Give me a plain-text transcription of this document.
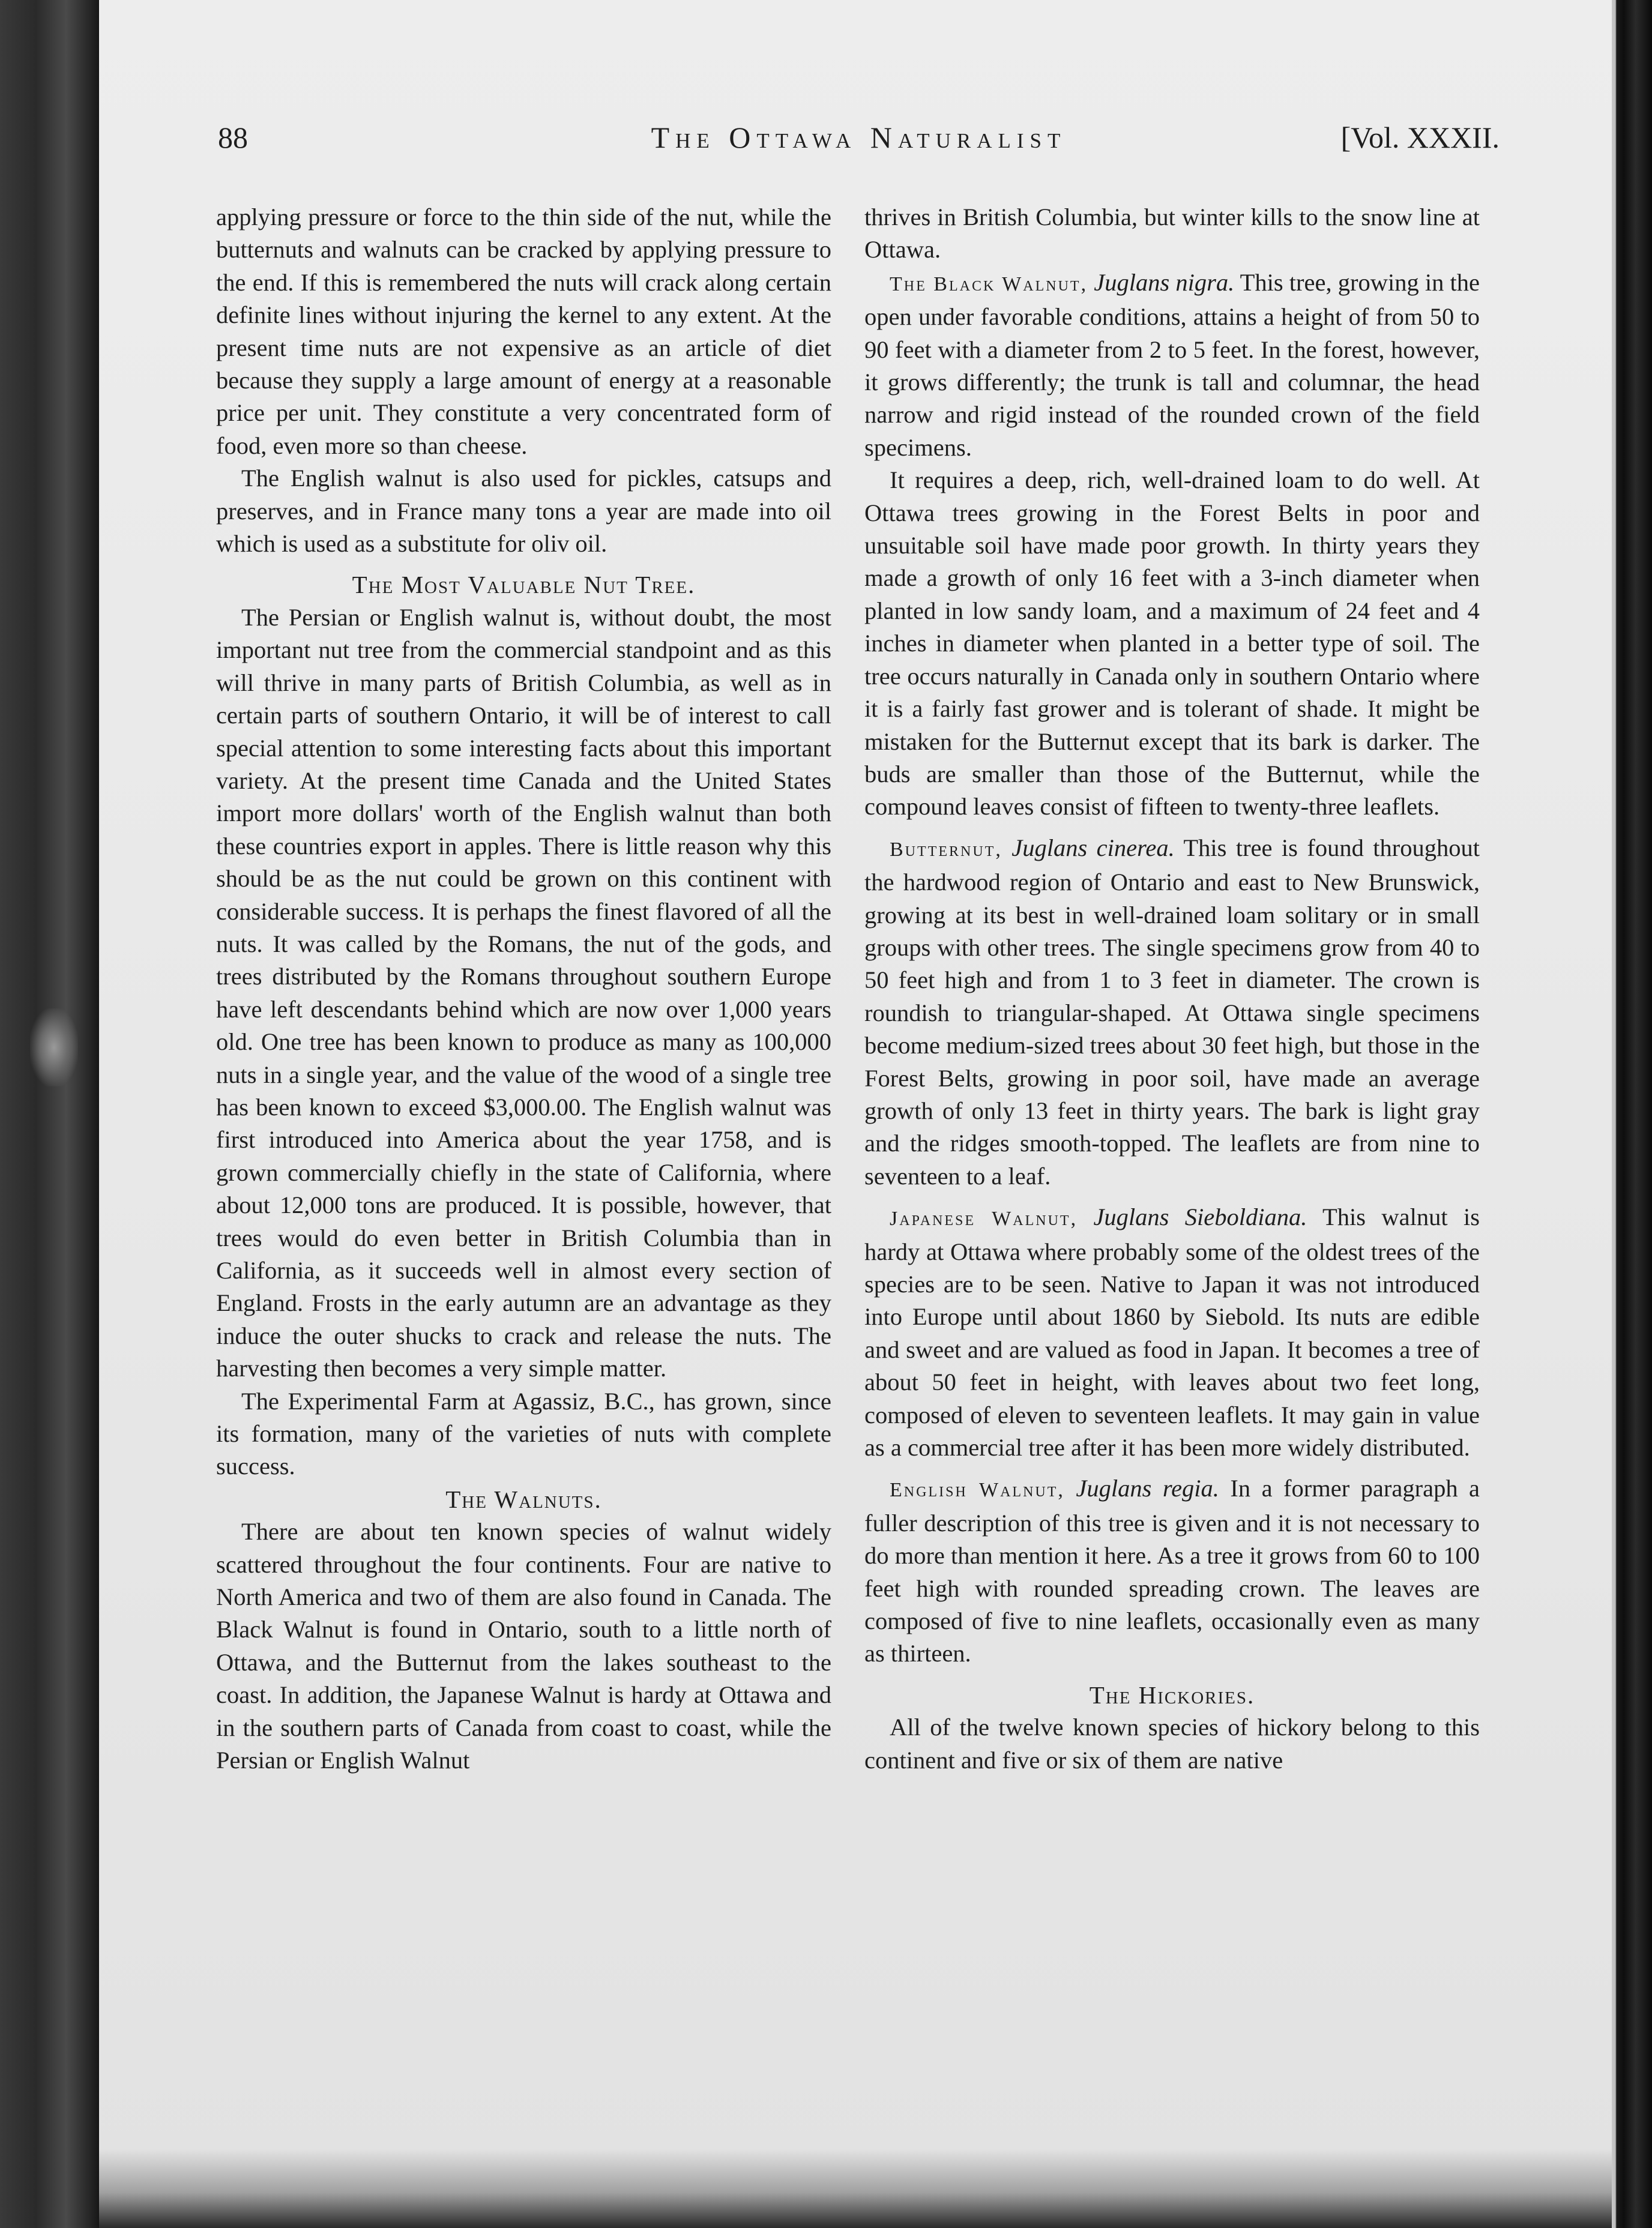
88	The Ottawa Naturalist	[Vol. XXXII.

applying pressure or force to the thin side of the nut, while the butternuts and walnuts can be cracked by applying pressure to the end. If this is remembered the nuts will crack along certain definite lines without injuring the kernel to any extent. At the present time nuts are not expensive as an article of diet because they supply a large amount of energy at a reasonable price per unit. They constitute a very concentrated form of food, even more so than cheese.

The English walnut is also used for pickles, catsups and preserves, and in France many tons a year are made into oil which is used as a substitute for oliv oil.

The Most Valuable Nut Tree.

The Persian or English walnut is, without doubt, the most important nut tree from the commercial standpoint and as this will thrive in many parts of British Columbia, as well as in certain parts of southern Ontario, it will be of interest to call special attention to some interesting facts about this important variety. At the present time Canada and the United States import more dollars' worth of the English walnut than both these countries export in apples. There is little reason why this should be as the nut could be grown on this continent with considerable success. It is perhaps the finest flavored of all the nuts. It was called by the Romans, the nut of the gods, and trees distributed by the Romans throughout southern Europe have left descendants behind which are now over 1,000 years old. One tree has been known to produce as many as 100,000 nuts in a single year, and the value of the wood of a single tree has been known to exceed $3,000.00. The English walnut was first introduced into America about the year 1758, and is grown commercially chiefly in the state of California, where about 12,000 tons are produced. It is possible, however, that trees would do even better in British Columbia than in California, as it succeeds well in almost every section of England. Frosts in the early autumn are an advantage as they induce the outer shucks to crack and release the nuts. The harvesting then becomes a very simple matter.

The Experimental Farm at Agassiz, B.C., has grown, since its formation, many of the varieties of nuts with complete success.

The Walnuts.

There are about ten known species of walnut widely scattered throughout the four continents. Four are native to North America and two of them are also found in Canada. The Black Walnut is found in Ontario, south to a little north of Ottawa, and the Butternut from the lakes southeast to the coast. In addition, the Japanese Walnut is hardy at Ottawa and in the southern parts of Canada from coast to coast, while the Persian or English Walnut

thrives in British Columbia, but winter kills to the snow line at Ottawa.

The Black Walnut, Juglans nigra. This tree, growing in the open under favorable conditions, attains a height of from 50 to 90 feet with a diameter from 2 to 5 feet. In the forest, however, it grows differently; the trunk is tall and columnar, the head narrow and rigid instead of the rounded crown of the field specimens.

It requires a deep, rich, well-drained loam to do well. At Ottawa trees growing in the Forest Belts in poor and unsuitable soil have made poor growth. In thirty years they made a growth of only 16 feet with a 3-inch diameter when planted in low sandy loam, and a maximum of 24 feet and 4 inches in diameter when planted in a better type of soil. The tree occurs naturally in Canada only in southern Ontario where it is a fairly fast grower and is tolerant of shade. It might be mistaken for the Butternut except that its bark is darker. The buds are smaller than those of the Butternut, while the compound leaves consist of fifteen to twenty-three leaflets.

Butternut, Juglans cinerea. This tree is found throughout the hardwood region of Ontario and east to New Brunswick, growing at its best in well-drained loam solitary or in small groups with other trees. The single specimens grow from 40 to 50 feet high and from 1 to 3 feet in diameter. The crown is roundish to triangular-shaped. At Ottawa single specimens become medium-sized trees about 30 feet high, but those in the Forest Belts, growing in poor soil, have made an average growth of only 13 feet in thirty years. The bark is light gray and the ridges smooth-topped. The leaflets are from nine to seventeen to a leaf.

Japanese Walnut, Juglans Sieboldiana. This walnut is hardy at Ottawa where probably some of the oldest trees of the species are to be seen. Native to Japan it was not introduced into Europe until about 1860 by Siebold. Its nuts are edible and sweet and are valued as food in Japan. It becomes a tree of about 50 feet in height, with leaves about two feet long, composed of eleven to seventeen leaflets. It may gain in value as a commercial tree after it has been more widely distributed.

English Walnut, Juglans regia. In a former paragraph a fuller description of this tree is given and it is not necessary to do more than mention it here. As a tree it grows from 60 to 100 feet high with rounded spreading crown. The leaves are composed of five to nine leaflets, occasionally even as many as thirteen.

The Hickories.

All of the twelve known species of hickory belong to this continent and five or six of them are native
